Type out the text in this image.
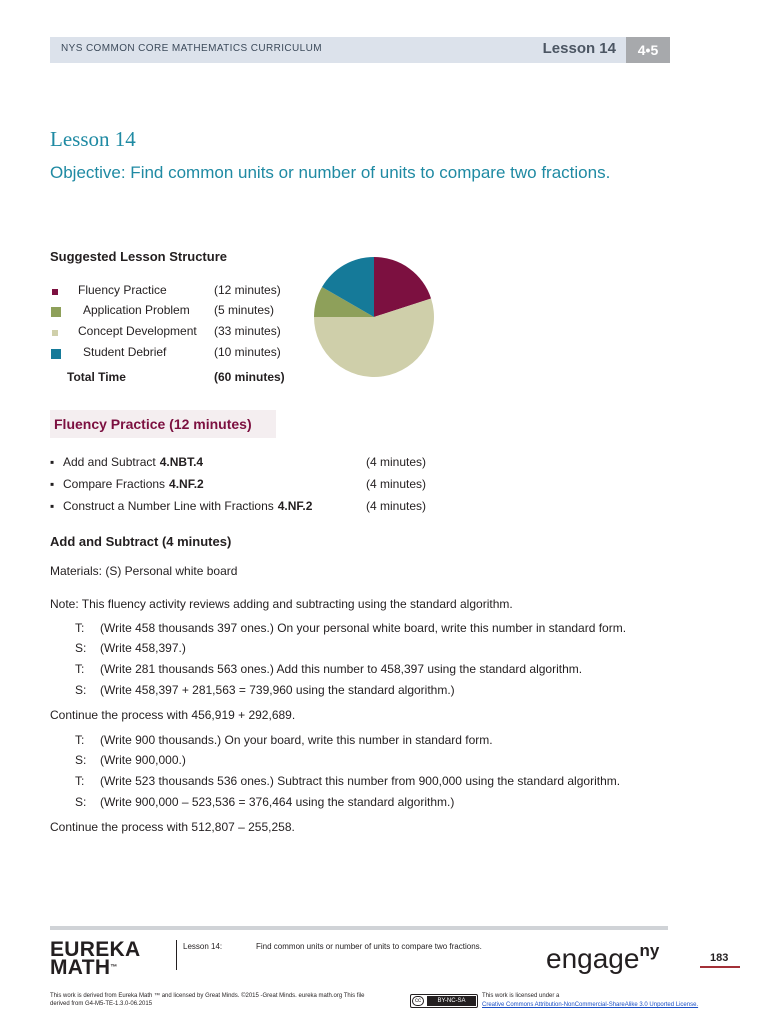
NYS COMMON CORE MATHEMATICS CURRICULUM	Lesson 14	4•5
Lesson 14
Objective: Find common units or number of units to compare two fractions.
Suggested Lesson Structure
Fluency Practice	(12 minutes)
Application Problem (5 minutes)
Concept Development (33 minutes)
Student Debrief	(10 minutes)
Total Time	(60 minutes)
Fluency Practice (12 minutes)
▪ Add and Subtract 4.NBT.4	(4 minutes)
▪ Compare Fractions 4.NF.2	(4 minutes)
▪ Construct a Number Line with Fractions 4.NF.2	(4 minutes)
Add and Subtract (4 minutes)
Materials: (S) Personal white board
Note: This fluency activity reviews adding and subtracting using the standard algorithm.
T: (Write 458 thousands 397 ones.) On your personal white board, write this number in standard form.
S: (Write 458,397.)
T: (Write 281 thousands 563 ones.) Add this number to 458,397 using the standard algorithm.
S: (Write 458,397 + 281,563 = 739,960 using the standard algorithm.)
Continue the process with 456,919 + 292,689.
T: (Write 900 thousands.) On your board, write this number in standard form.
S: (Write 900,000.)
T: (Write 523 thousands 536 ones.) Subtract this number from 900,000 using the standard algorithm.
S: (Write 900,000 – 523,536 = 376,464 using the standard algorithm.)
Continue the process with 512,807 – 255,258.
EUREKA
MATH™
Lesson 14:	Find common units or number of units to compare two fractions. engage$^{ny}$	183
This work is derived from Eureka Math ™ and licensed by Great Minds. ©2015 -Great Minds. eureka math.org This file derived from G4-M5-TE-1.3.0-06.2015	cc	BY-NC-SA
This work is licensed under a
Creative Commons Attribution-NonCommercial-ShareAlike 3.0 Unported License.
